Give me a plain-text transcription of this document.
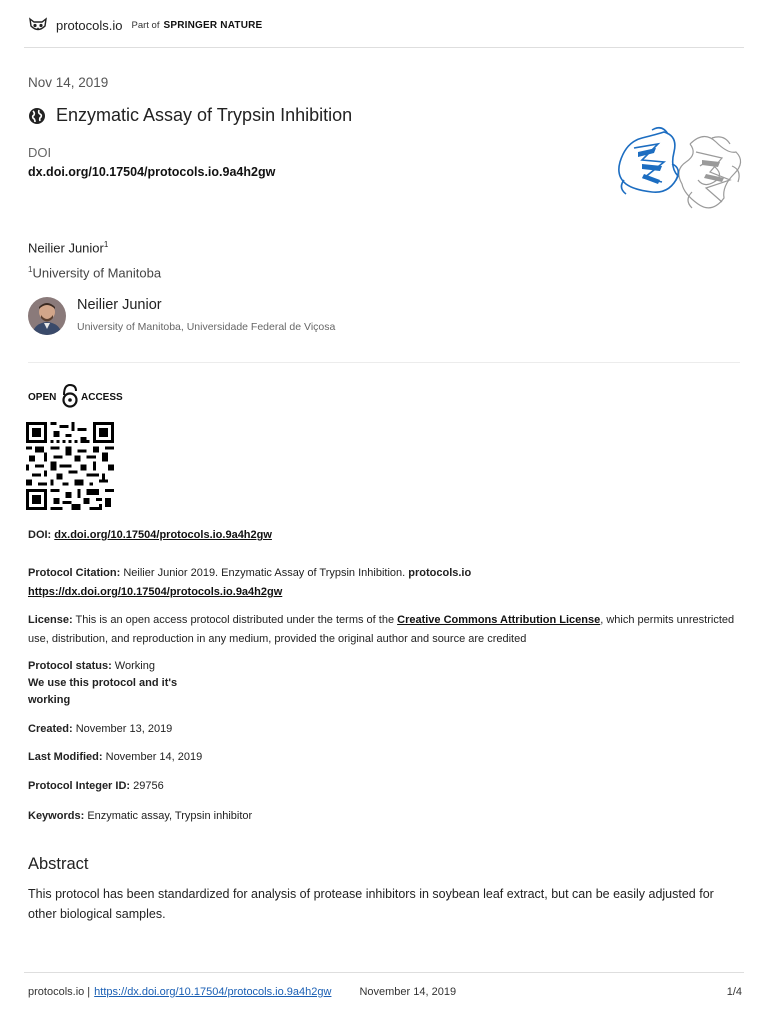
protocols.io Part of SPRINGER NATURE
Nov 14, 2019
Enzymatic Assay of Trypsin Inhibition
DOI
dx.doi.org/10.17504/protocols.io.9a4h2gw
Neilier Junior$^1$
$^1$University of Manitoba
Neilier Junior
University of Manitoba, Universidade Federal de Viçosa
OPEN ACCESS
DOI: dx.doi.org/10.17504/protocols.io.9a4h2gw
Protocol Citation: Neilier Junior 2019. Enzymatic Assay of Trypsin Inhibition. protocols.io
https://dx.doi.org/10.17504/protocols.io.9a4h2gw
License: This is an open access protocol distributed under the terms of the Creative Commons Attribution License, which permits unrestricted use, distribution, and reproduction in any medium, provided the original author and source are credited
Protocol status: Working
We use this protocol and it's
working
Created: November 13, 2019
Last Modified: November 14, 2019
Protocol Integer ID: 29756
Keywords: Enzymatic assay, Trypsin inhibitor
Abstract
This protocol has been standardized for analysis of protease inhibitors in soybean leaf extract, but can be easily adjusted for other biological samples.
protocols.io | https://dx.doi.org/10.17504/protocols.io.9a4h2gw	November 14, 2019	1/4
